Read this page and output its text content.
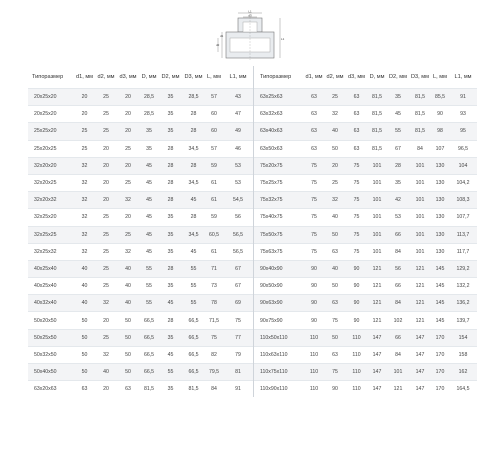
L1
d3
d2
d1
L1
Типоразмер	d1, мм	d2, мм	d3, мм	D, мм	D2, мм	D3, мм	L, мм	L1, мм
20x25x20	20	25	20	28,5	35	28,5	57	43
20x25x20	20	25	20	28,5	35	28	60	47
25x25x20	25	25	20	35	35	28	60	49
25x20x25	25	20	25	35	28	34,5	57	46
32x20x20	32	20	20	45	28	28	59	53
32x20x25	32	20	25	45	28	34,5	61	53
32x20x32	32	20	32	45	28	45	61	54,5
32x25x20	32	25	20	45	35	28	59	56
32x25x25	32	25	25	45	35	34,5	60,5	56,5
32x25x32	32	25	32	45	35	45	61	56,5
40x25x40	40	25	40	55	28	55	71	67
40x25x40	40	25	40	55	35	55	73	67
40x32x40	40	32	40	55	45	55	78	69
50x20x50	50	20	50	66,5	28	66,5	71,5	75
50x25x50	50	25	50	66,5	35	66,5	75	77
50x32x50	50	32	50	66,5	45	66,5	82	79
50x40x50	50	40	50	66,5	55	66,5	79,5	81
63x20x63	63	20	63	81,5	35	81,5	84	91
Типоразмер	d1, мм	d2, мм	d3, мм	D, мм	D2, мм	D3, мм	L, мм	L1, мм
63x25x63	63	25	63	81,5	35	81,5	85,5	91
63x32x63	63	32	63	81,5	45	81,5	90	93
63x40x63	63	40	63	81,5	55	81,5	98	95
63x50x63	63	50	63	81,5	67	84	107	96,5
75x20x75	75	20	75	101	28	101	130	104
75x25x75	75	25	75	101	35	101	130	104,2
75x32x75	75	32	75	101	42	101	130	108,3
75x40x75	75	40	75	101	53	101	130	107,7
75x50x75	75	50	75	101	66	101	130	113,7
75x63x75	75	63	75	101	84	101	130	117,7
90x40x90	90	40	90	121	56	121	145	129,2
90x50x90	90	50	90	121	66	121	145	132,2
90x63x90	90	63	90	121	84	121	145	136,2
90x75x90	90	75	90	121	102	121	145	139,7
110x50x110	110	50	110	147	66	147	170	154
110x63x110	110	63	110	147	84	147	170	158
110x75x110	110	75	110	147	101	147	170	162
110x90x110	110	90	110	147	121	147	170	164,5
